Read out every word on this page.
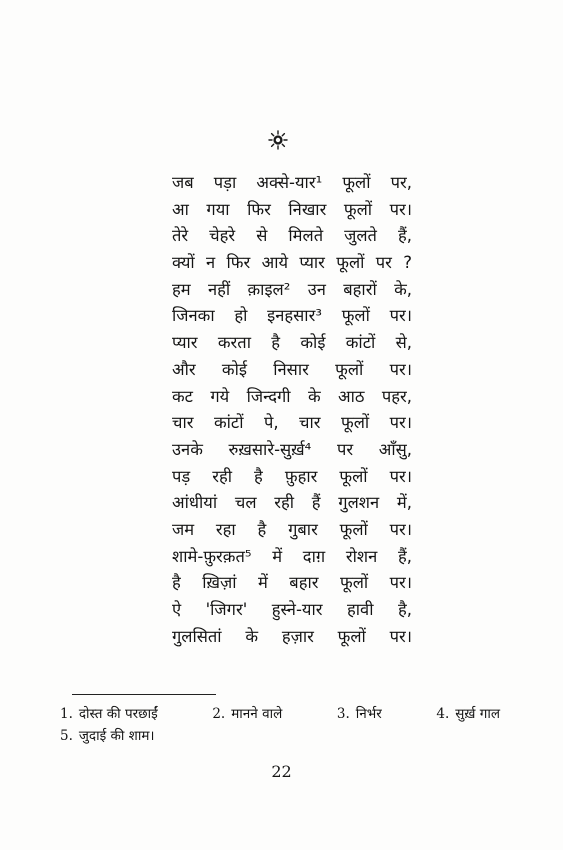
जब पड़ा अक्से-यार¹ फूलों पर,
आ गया फिर निखार फूलों पर।
तेरे चेहरे से मिलते जुलते हैं,
क्यों न फिर आये प्यार फूलों पर ?
हम नहीं क़ाइल² उन बहारों के,
जिनका हो इनहसार³ फूलों पर।
प्यार करता है कोई कांटों से,
और कोई निसार फूलों पर।
कट गये जिन्दगी के आठ पहर,
चार कांटों पे, चार फूलों पर।
उनके रुख़सारे-सुर्ख़⁴ पर आँसु,
पड़ रही है फ़ुहार फूलों पर।
आंधीयां चल रही हैं गुलशन में,
जम रहा है गुबार फूलों पर।
शामे-फ़ुरक़त⁵ में दाग़ रोशन हैं,
है ख़िज़ां में बहार फूलों पर।
ऐ 'जिगर' हुस्ने-यार हावी है,
गुलसितां के हज़ार फूलों पर।
1. दोस्त की परछाईं	2. मानने वाले	3. निर्भर	4. सुर्ख़ गाल
5. जुदाई की शाम।
22
